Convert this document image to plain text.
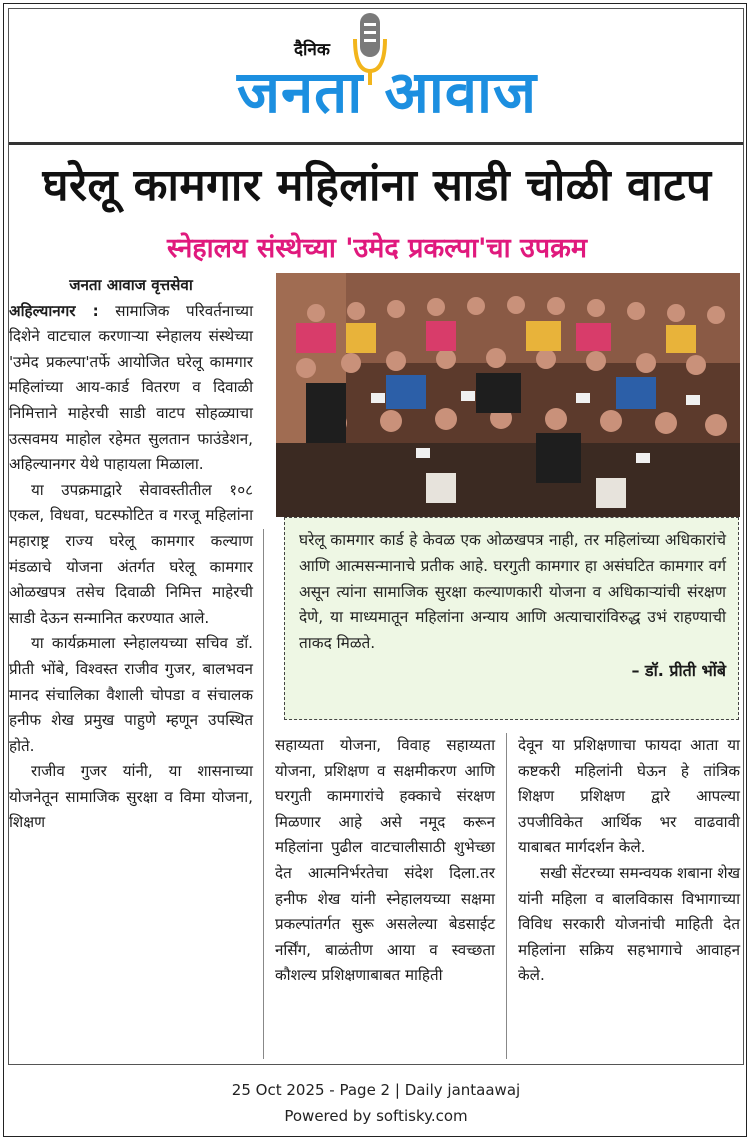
दैनिक
जनता आवाज
घरेलू कामगार महिलांना साडी चोळी वाटप
स्नेहालय संस्थेच्या 'उमेद प्रकल्पा'चा उपक्रम

जनता आवाज वृत्तसेवा

अहिल्यानगर : सामाजिक परिवर्तनाच्या दिशेने वाटचाल करणाऱ्या स्नेहालय संस्थेच्या 'उमेद प्रकल्पा'तर्फे आयोजित घरेलू कामगार महिलांच्या आय-कार्ड वितरण व दिवाळी निमित्ताने माहेरची साडी वाटप सोहळ्याचा उत्सवमय माहोल रहेमत सुलतान फाउंडेशन, अहिल्यानगर येथे पाहायला मिळाला.

या उपक्रमाद्वारे सेवावस्तीतील १०८ एकल, विधवा, घटस्फोटित व गरजू महिलांना महाराष्ट्र राज्य घरेलू कामगार कल्याण मंडळाचे योजना अंतर्गत घरेलू कामगार ओळखपत्र तसेच दिवाळी निमित्त माहेरची साडी देऊन सन्मानित करण्यात आले.

या कार्यक्रमाला स्नेहालयच्या सचिव डॉ. प्रीती भोंबे, विश्वस्त राजीव गुजर, बालभवन मानद संचालिका वैशाली चोपडा व संचालक हनीफ शेख प्रमुख पाहुणे म्हणून उपस्थित होते.

राजीव गुजर यांनी, या शासनाच्या योजनेतून सामाजिक सुरक्षा व विमा योजना, शिक्षण

घरेलू कामगार कार्ड हे केवळ एक ओळखपत्र नाही, तर महिलांच्या अधिकारांचे आणि आत्मसन्मानाचे प्रतीक आहे. घरगुती कामगार हा असंघटित कामगार वर्ग असून त्यांना सामाजिक सुरक्षा कल्याणकारी योजना व अधिकाऱ्यांची संरक्षण देणे, या माध्यमातून महिलांना अन्याय आणि अत्याचारांविरुद्ध उभं राहण्याची ताकद मिळते.
– डॉ. प्रीती भोंबे

सहाय्यता योजना, विवाह सहाय्यता योजना, प्रशिक्षण व सक्षमीकरण आणि घरगुती कामगारांचे हक्काचे संरक्षण मिळणार आहे असे नमूद करून महिलांना पुढील वाटचालीसाठी शुभेच्छा देत आत्मनिर्भरतेचा संदेश दिला.तर हनीफ शेख यांनी स्नेहालयच्या सक्षमा प्रकल्पांतर्गत सुरू असलेल्या बेडसाईट नर्सिंग, बाळंतीण आया व स्वच्छता कौशल्य प्रशिक्षणाबाबत माहिती

देवून या प्रशिक्षणाचा फायदा आता या कष्टकरी महिलांनी घेऊन हे तांत्रिक शिक्षण प्रशिक्षण द्वारे आपल्या उपजीविकेत आर्थिक भर वाढवावी याबाबत मार्गदर्शन केले.

सखी सेंटरच्या समन्वयक शबाना शेख यांनी महिला व बालविकास विभागाच्या विविध सरकारी योजनांची माहिती देत महिलांना सक्रिय सहभागाचे आवाहन केले.

25 Oct 2025 - Page 2 | Daily jantaawaj
Powered by softisky.com
